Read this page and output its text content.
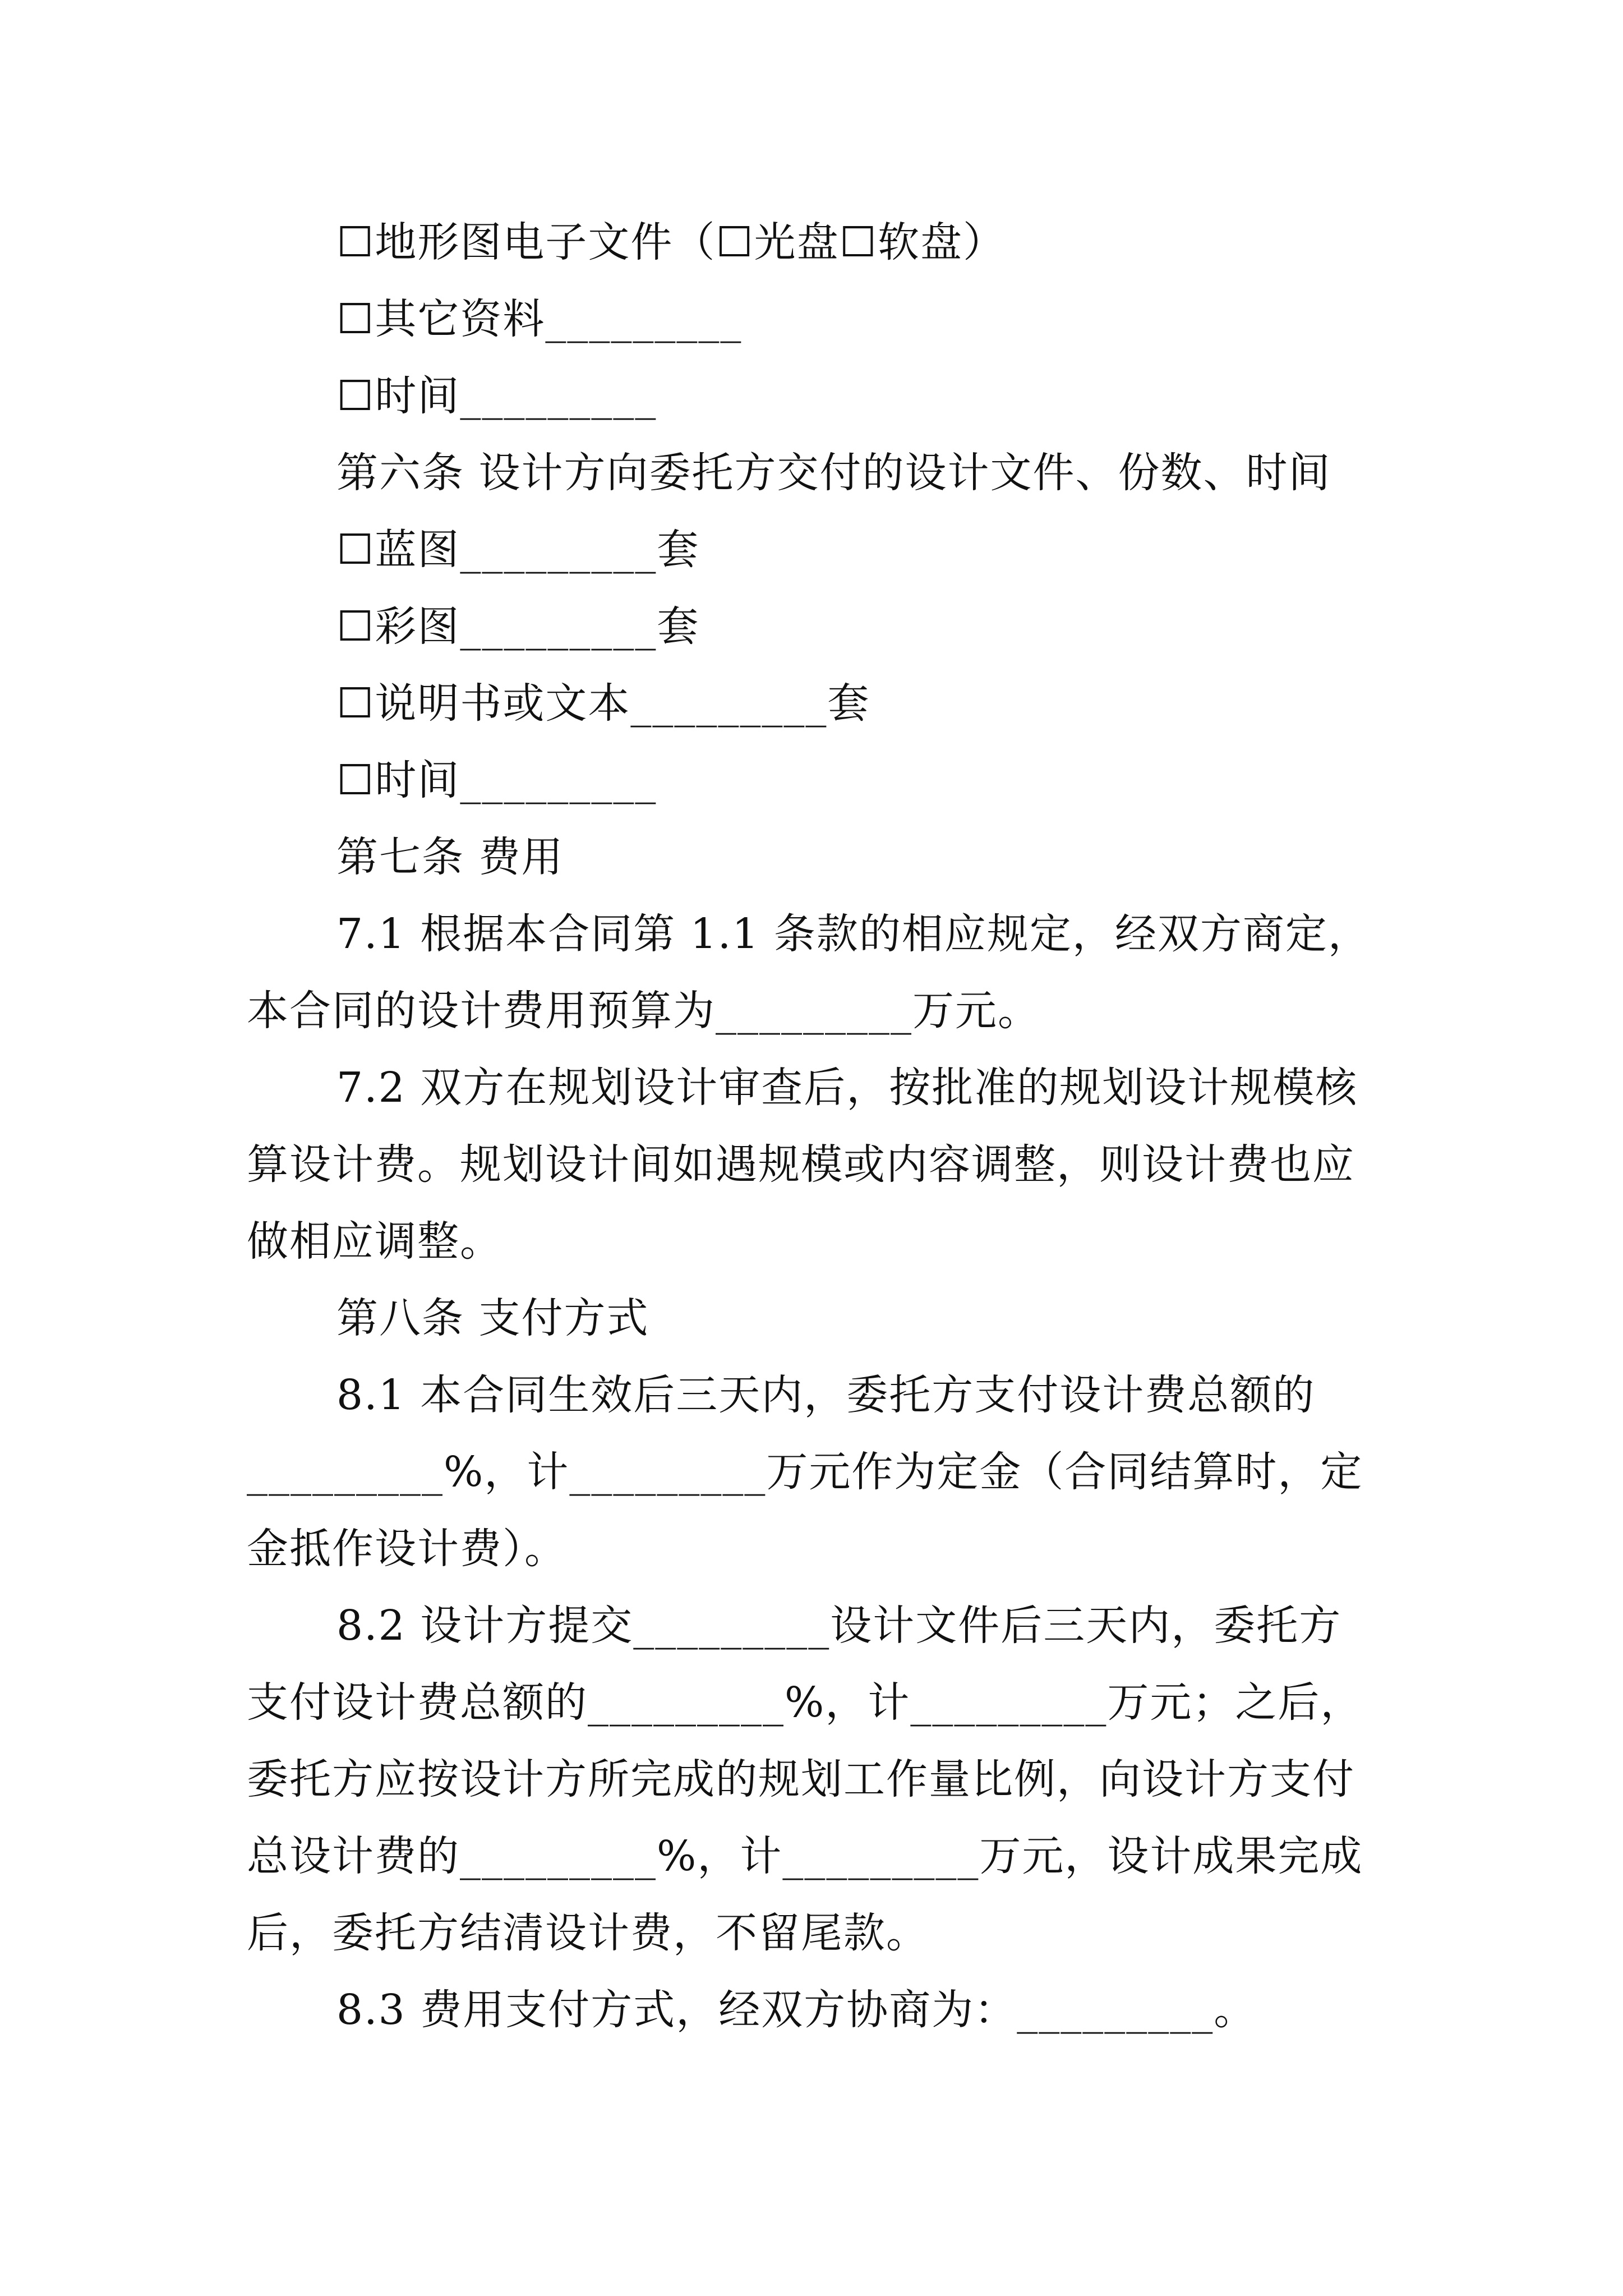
☐地形图电子文件（☐光盘☐软盘）
☐其它资料_________
☐时间_________
第六条 设计方向委托方交付的设计文件、份数、时间
☐蓝图_________套
☐彩图_________套
☐说明书或文本_________套
☐时间_________
第七条 费用
7.1 根据本合同第 1.1 条款的相应规定，经双方商定，
本合同的设计费用预算为_________万元。
7.2 双方在规划设计审查后，按批准的规划设计规模核
算设计费。规划设计间如遇规模或内容调整，则设计费也应
做相应调整。
第八条 支付方式
8.1 本合同生效后三天内，委托方支付设计费总额的
_________%，计_________万元作为定金（合同结算时，定
金抵作设计费）。
8.2 设计方提交_________设计文件后三天内，委托方
支付设计费总额的_________%，计_________万元；之后，
委托方应按设计方所完成的规划工作量比例，向设计方支付
总设计费的_________%，计_________万元，设计成果完成
后，委托方结清设计费，不留尾款。
8.3 费用支付方式，经双方协商为：_________。
